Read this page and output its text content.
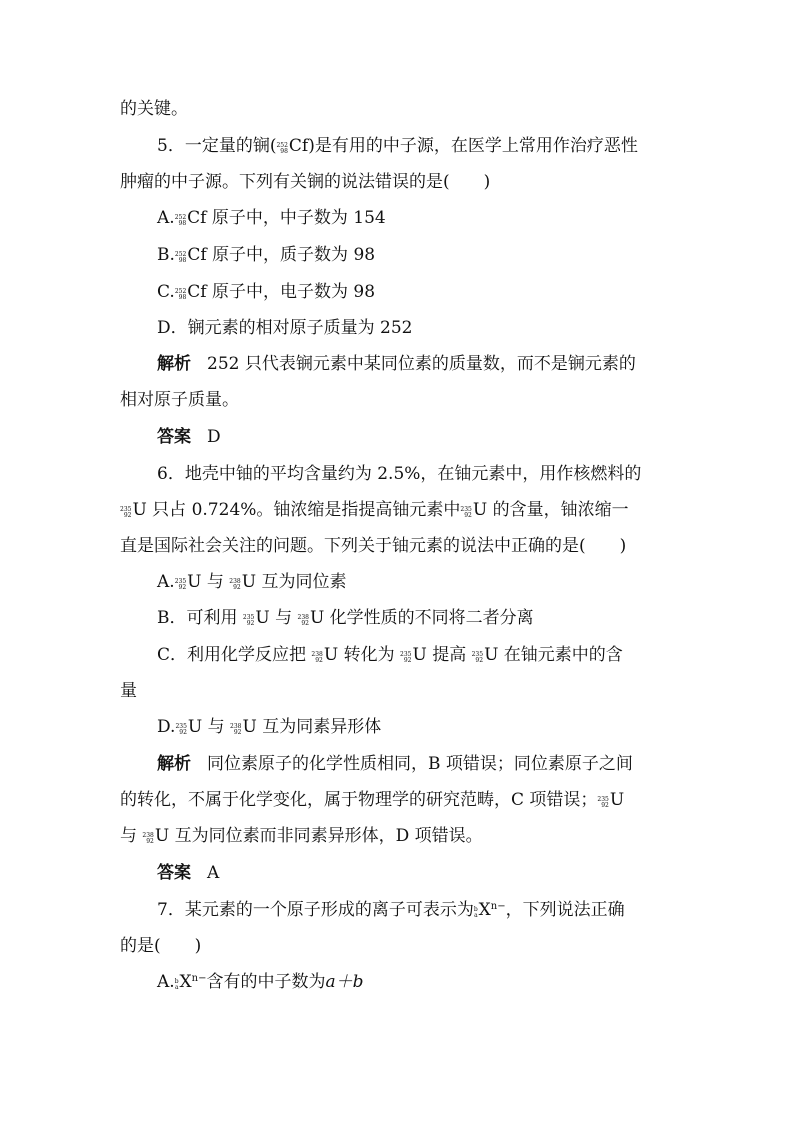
的关键。
5．一定量的锎( 252
98 Cf)是有用的中子源，在医学上常用作治疗恶性
肿瘤的中子源。下列有关锎的说法错误的是(　　)
A. 252
98 Cf 原子中，中子数为 154
B. 252
98 Cf 原子中，质子数为 98
C. 252
98 Cf 原子中，电子数为 98
D．锎元素的相对原子质量为 252
解析 252 只代表锎元素中某同位素的质量数，而不是锎元素的
相对原子质量。
答案 D
6．地壳中铀的平均含量约为 2.5%，在铀元素中，用作核燃料的
235
92 U 只占 0.724%。铀浓缩是指提高铀元素中 235
92 U 的含量，铀浓缩一
直是国际社会关注的问题。下列关于铀元素的说法中正确的是(　　)
A. 235
92 U 与 238
92 U 互为同位素
B．可利用 235
92 U 与 238
92 U 化学性质的不同将二者分离
C．利用化学反应把 238
92 U 转化为 235
92 U 提高 235
92 U 在铀元素中的含
量
D. 235
92 U 与 238
92 U 互为同素异形体
解析 同位素原子的化学性质相同，B 项错误；同位素原子之间
的转化，不属于化学变化，属于物理学的研究范畴，C 项错误； 235
92 U
与 238
92 U 互为同位素而非同素异形体，D 项错误。
答案 A
7．某元素的一个原子形成的离子可表示为 b
a $X^{n-}$，下列说法正确
的是(　　)
A. b
a $X^{n-}$含有的中子数为a＋b
